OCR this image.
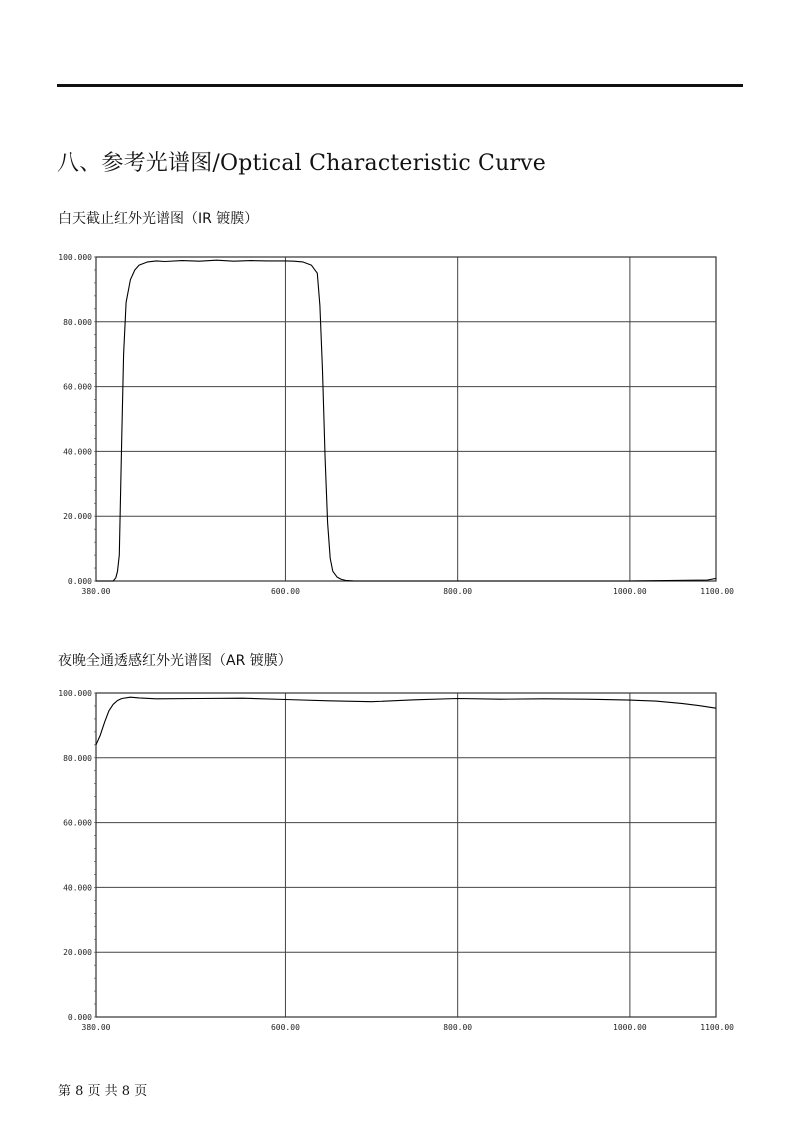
八、参考光谱图/Optical Characteristic Curve
白天截止红外光谱图（IR 镀膜）
0.000
20.000
40.000
60.000
80.000
100.000
380.00	600.00	800.00	1000.00	1100.00
夜晚全通透感红外光谱图（AR 镀膜）
0.000
20.000
40.000
60.000
80.000
100.000
380.00	600.00	800.00	1000.00	1100.00
第 8 页 共 8 页
